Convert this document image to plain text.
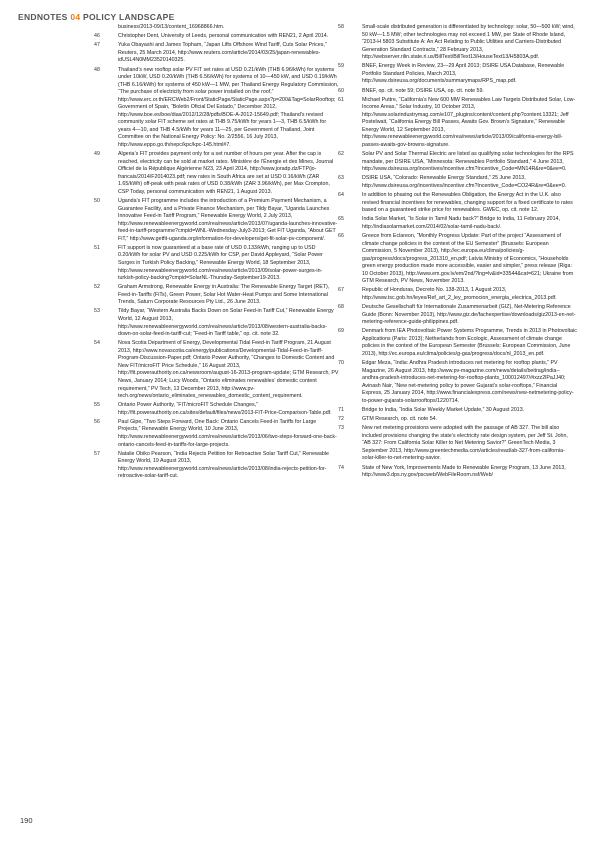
ENDNOTES 04 POLICY LANDSCAPE
business/2013-09/13/content_16968866.htm.
46	Christopher Dent, University of Leeds, personal communication with REN21, 2 April 2014.
47	Yuka Obayashi and James Topham, “Japan Lifts Offshore Wind Tariff, Cuts Solar Prices,” Reuters, 25 March 2014, http://www.reuters.com/article/2014/03/25/japan-renewables-idUSL4N0MM23520140325.
48	Thailand’s new rooftop solar PV FIT set rates at USD 0.21/kWh (THB 6.96/kWh) for systems under 10kW, USD 0.20/kWh (THB 6.56/kWh) for systems of 10—450 kW, and USD 0.19/kWh (THB 6.16/kWh) for systems of 450 kW—1 MW, per Thailand Energy Regulatory Commission, “The purchase of electricity from solar power installed on the roof,” http://www.erc.or.th/ERCWeb2/Front/StaticPage/StaticPage.aspx?p=200&Tag=SolarRooftop; Government of Spain, “Boletín Oficial Del Estado,” December 2012, http://www.boe.es/boe/dias/2012/12/28/pdfs/BOE-A-2012-15649.pdf; Thailand’s revised community solar FIT scheme set rates at THB 9.75/kWh for years 1—3, THB 6.5/kWh for years 4—10, and THB 4.5/kWh for years 11—25, per Government of Thailand, Joint Committee on the National Energy Policy: No. 2/2556, 16 July 2013, http://www.eppo.go.th/nepc/kpc/kpc-145.html#7.
49	Algeria’s FIT provides payment only for a set number of hours per year. After the cap is reached, electricity can be sold at market rates. Ministère de l’Énergie et des Mines, Journal Officiel de la République Algérienne N23, 23 April 2014, http://www.joradp.dz/FTP/jo-francais/2014/F2014023.pdf; new rates in South Africa are set at USD 0.16/kWh (ZAR 1.65/kWh) off-peak with peak rates of USD 0.38/kWh (ZAR 3.96/kWh), per Max Crompton, CSP Today, personal communication with REN21, 1 August 2013.
50	Uganda’s FIT programme includes the introduction of a Premium Payment Mechanism, a Guarantee Facility, and a Private Finance Mechanism, per Tildy Bayar, “Uganda Launches Innovative Feed-in Tariff Program,” Renewable Energy World, 2 July 2013, http://www.renewableenergyworld.com/rea/news/article/2013/07/uganda-launches-innovative-feed-in-tariff-programme?cmpid=WNL-Wednesday-July3-2013; Get FiT Uganda, “About GET FiT,” http://www.getfit-uganda.org/information-for-developers/get-fit-solar-pv-component/.
51	FIT support is now guaranteed at a base rate of USD 0.133/kWh, ranging up to USD 0.20/kWh for solar PV and USD 0.225/kWh for CSP, per David Appleyard, “Solar Power Surges in Turkish Policy Backing,” Renewable Energy World, 18 September 2013, http://www.renewableenergyworld.com/rea/news/article/2013/09/solar-power-surges-in-turkish-policy-backing?cmpid=SolarNL-Thursday-September19-2013.
52	Graham Armstrong, Renewable Energy in Australia: The Renewable Energy Target (RET), Feed-in-Tariffs (FiTs), Green Power, Solar Hot Water-Heat Pumps and Some International Trends, Saturn Corporate Resources Pty Ltd., 26 June 2013.
53	Tildy Bayar, “Western Australia Backs Down on Solar Feed-in Tariff Cut,” Renewable Energy World, 12 August 2013, http://www.renewableenergyworld.com/rea/news/article/2013/08/western-australia-backs-down-on-solar-feed-in-tariff-cut; “Feed-in Tariff table,” op. cit. note 32.
54	Nova Scotia Department of Energy, Developmental Tidal Feed-in Tariff Program, 21 August 2013, http://www.novascotia.ca/energy/publications/Developmental-Tidal-Feed-in-Tariff-Program-Discussion-Paper.pdf; Ontario Power Authority, “Changes to Domestic Content and New FIT/microFIT Price Schedule,” 16 August 2013, http://fit.powerauthority.on.ca/newsroom/august-16-2013-program-update; GTM Research, PV News, January 2014; Lucy Woods, “Ontario eliminates renewables’ domestic content requirement,” PV Tech, 13 December 2013, http://www.pv-tech.org/news/ontario_eliminates_renewables_domestic_content_requirement.
55	Ontario Power Authority, “FIT/microFIT Schedule Changes,” http://fit.powerauthority.on.ca/sites/default/files/news/2013-FIT-Price-Comparison-Table.pdf.
56	Paul Gipe, “Two Steps Forward, One Back: Ontario Cancels Feed-in Tariffs for Large Projects,” Renewable Energy World, 10 June 2013, http://www.renewableenergyworld.com/rea/news/article/2013/06/two-steps-forward-one-back-ontario-cancels-feed-in-tariffs-for-large-projects.
57	Natalie Obiko Pearson, “India Rejects Petition for Retroactive Solar Tariff Cut,” Renewable Energy World, 19 August 2013, http://www.renewableenergyworld.com/rea/news/article/2013/08/india-rejects-petition-for-retroactive-solar-tariff-cut.
58	Small-scale distributed generation is differentiated by technology: solar, 50—500 kW; wind, 50 kW—1.5 MW; other technologies may not exceed 1 MW, per State of Rhode Island, “2013-H 5803 Substitute A: An Act Relating to Public Utilities and Carriers-Distributed Generation Standard Contracts,” 28 February 2013, http://webserver.rilin.state.ri.us/BillText/BillText13/HouseText13/H5803A.pdf.
59	BNEF, Energy Week in Review, 23—29 April 2013; DSIRE USA Database, Renewable Portfolio Standard Policies, March 2013, http://www.dsireusa.org/documents/summarymaps/RPS_map.pdf.
60	BNEF, op. cit. note 59; DSIRE USA, op. cit. note 59.
61	Michael Puttre, “California’s New 600 MW Renewables Law Targets Distributed Solar, Low-Income Areas,” Solar Industry, 10 October 2013, http://www.solarindustrymag.com/e107_plugins/content/content.php?content.13321; Jeff Postelwait, “California Energy Bill Passes, Awaits Gov. Brown’s Signature,” Renewable Energy World, 12 September 2013, http://www.renewableenergyworld.com/rea/news/article/2013/09/california-energy-bill-passes-awaits-gov-browns-signature.
62	Solar PV and Solar Thermal Electric are listed as qualifying solar technologies for the RPS mandate, per DSIRE USA, “Minnesota: Renewables Portfolio Standard,” 4 June 2013, http://www.dsireusa.org/incentives/incentive.cfm?Incentive_Code=MN14R&re=0&ee=0.
63	DSIRE USA, “Colorado: Renewable Energy Standard,” 25 June 2013, http://www.dsireusa.org/incentives/incentive.cfm?Incentive_Code=CO24R&re=0&ee=0.
64	In addition to phasing out the Renewables Obligation, the Energy Act in the U.K. also revised financial incentives for renewables, changing support for a fixed certificate to rates based on a guaranteed strike price for renewables. GWEC, op. cit. note 12.
65	India Solar Market, “Is Solar in Tamil Nadu back?” Bridge to India, 11 February 2014, http://indiasolarmarket.com/2014/02/solar-tamil-nadu-back/.
66	Greece from Eclareon, “Monthly Progress Update: Part of the project “Assessment of climate change policies in the context of the EU Semester” (Brussels: European Commission, 5 November 2013), http://ec.europa.eu/clima/policies/g-gas/progress/docs/progress_201310_en.pdf; Latvia Ministry of Economics, “Households green energy production made more accessible, easier and simpler,” press release (Riga: 10 October 2013), http://www.em.gov.lv/em/2nd/?lng=lv&id=33544&cat=621; Ukraine from GTM Research, PV News, November 2013.
67	Republic of Honduras, Decreto No. 138-2013, 1 August 2013, http://www.tsc.gob.hn/leyes/Ref_art_2_ley_promocion_energia_electrica_2013.pdf.
68	Deutsche Gesellschaft für Internationale Zusammenarbeit (GIZ), Net-Metering Reference Guide (Bonn: November 2013), http://www.giz.de/fachexpertise/downloads/giz2013-en-net-metering-reference-guide-philippines.pdf.
69	Denmark from IEA Photovoltaic Power Systems Programme, Trends in 2013 in Photovoltaic Applications (Paris: 2013); Netherlands from Ecologic, Assessment of climate change policies in the context of the European Semester (Brussels: European Commission, June 2013), http://ec.europa.eu/clima/policies/g-gas/progress/docs/nl_2013_en.pdf.
70	Edgar Meza, “India: Andhra Pradesh introduces net metering for rooftop plants,” PV Magazine, 26 August 2013, http://www.pv-magazine.com/news/details/beitrag/india--andhra-pradesh-introduces-net-metering-for-rooftop-plants_100012497/#ixzz2lPaJJ40; Avinash Nair, “New net-metering policy to power Gujarat’s solar-rooftops,” Financial Express, 25 January 2014, http://www.financialexpress.com/news/new-netmetering-policy-to-power-gujarats-solarrooftops/1220714.
71	Bridge to India, “India Solar Weekly Market Update,” 30 August 2013.
72	GTM Research, op. cit. note 54.
73	New net metering provisions were adopted with the passage of AB 327. The bill also included provisions changing the state’s electricity rate design system, per Jeff St. John, “AB 327: From California Solar Killer to Net Metering Savior?” GreenTech Media, 3 September 2013, http://www.greentechmedia.com/articles/read/ab-327-from-california-solar-killer-to-net-metering-savior.
74	State of New York, Improvements Made to Renewable Energy Program, 13 June 2013, http://www3.dps.ny.gov/pscweb/WebFileRoom.nsf/Web/
190
